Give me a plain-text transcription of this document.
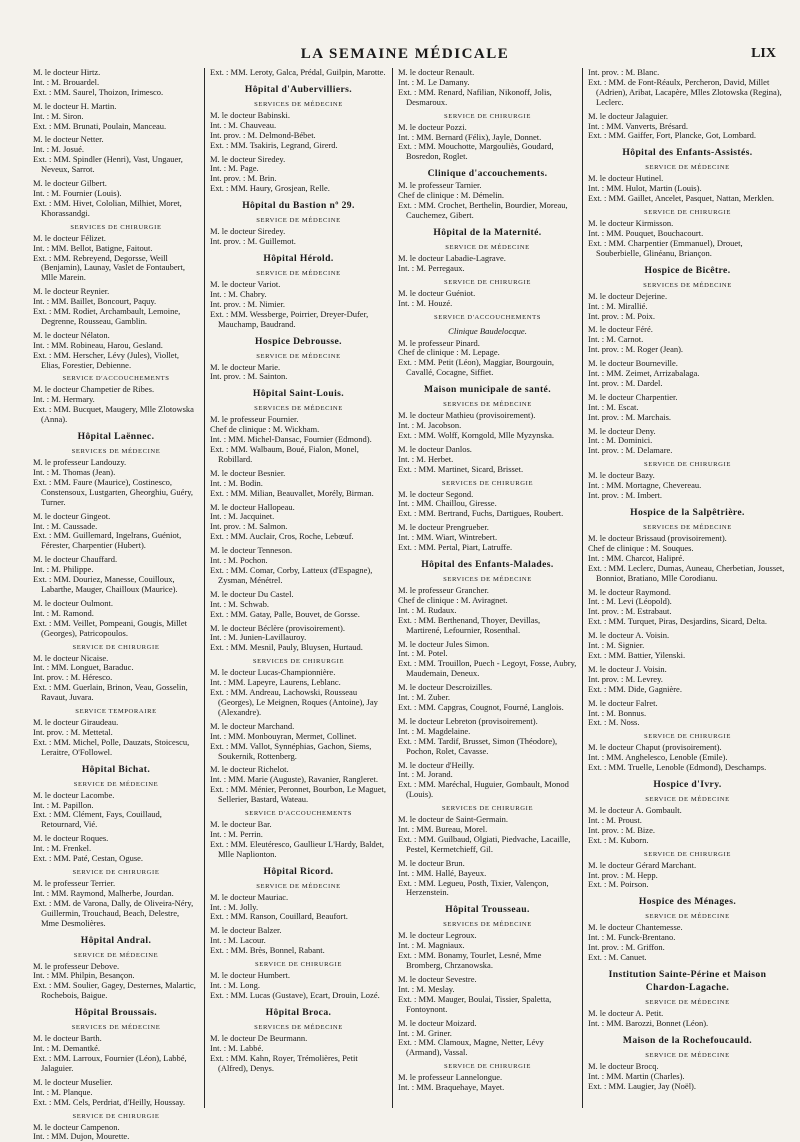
LA SEMAINE MÉDICALE	LIX
M. le docteur Hirtz.
Int. : M. Brouardel.
Ext. : MM. Saurel, Thoizon, Irimesco.
M. le docteur H. Martin.
Int. : M. Siron.
Ext. : MM. Brunati, Poulain, Manceau.
M. le docteur Netter.
Int. : M. Josué.
Ext. : MM. Spindler (Henri), Vast, Ungauer, Neveux, Sarrot.
M. le docteur Gilbert.
Int. : M. Fournier (Louis).
Ext. : MM. Hivet, Cololian, Milhiet, Moret, Khorassandgi.
SERVICES DE CHIRURGIE
M. le docteur Félizet.
Int. : MM. Bellot, Batigne, Faitout.
Ext. : MM. Rebreyend, Degorsse, Weill (Benjamin), Launay, Vaslet de Fontaubert, Mlle Marein.
M. le docteur Reynier.
Int. : MM. Baillet, Boncourt, Paquy.
Ext. : MM. Rodiet, Archambault, Lemoine, Degrenne, Rousseau, Gamblin.
M. le docteur Nélaton.
Int. : MM. Robineau, Harou, Gesland.
Ext. : MM. Herscher, Lévy (Jules), Viollet, Elias, Forestier, Debienne.
SERVICE D'ACCOUCHEMENTS
M. le docteur Champetier de Ribes.
Int. : M. Hermary.
Ext. : MM. Bucquet, Maugery, Mlle Zlotowska (Anna).
Hôpital Laënnec.
SERVICES DE MÉDECINE
M. le professeur Landouzy.
Int. : M. Thomas (Jean).
Ext. : MM. Faure (Maurice), Costinesco, Constensoux, Lustgarten, Gheorghiu, Guéry, Turner.
M. le docteur Gingeot.
Int. : M. Caussade.
Ext. : MM. Guillemard, Ingelrans, Guéniot, Férester, Charpentier (Hubert).
M. le docteur Chauffard.
Int. : M. Philippe.
Ext. : MM. Douriez, Manesse, Couilloux, Labarthe, Mauger, Chailloux (Maurice).
M. le docteur Oulmont.
Int. : M. Ramond.
Ext. : MM. Veillet, Pompeani, Gougis, Millet (Georges), Patricopoulos.
SERVICE DE CHIRURGIE
M. le docteur Nicaise.
Int. : MM. Longuet, Baraduc.
Int. prov. : M. Héresco.
Ext. : MM. Guerlain, Brinon, Veau, Gosselin, Ravaut, Juvara.
SERVICE TEMPORAIRE
M. le docteur Giraudeau.
Int. prov. : M. Mettetal.
Ext. : MM. Michel, Polle, Dauzats, Stoicescu, Leraitre, O'Followel.
Hôpital Bichat.
SERVICE DE MÉDECINE
M. le docteur Lacombe.
Int. : M. Papillon.
Ext. : MM. Clément, Fays, Couillaud, Retournard, Vié.
M. le docteur Roques.
Int. : M. Frenkel.
Ext. : MM. Paté, Cestan, Oguse.
SERVICE DE CHIRURGIE
M. le professeur Terrier.
Int. : MM. Raymond, Malherbe, Jourdan.
Ext. : MM. de Varona, Dally, de Oliveira-Néry, Guillermin, Trouchaud, Beach, Delestre, Mme Desmolières.
Hôpital Andral.
SERVICE DE MÉDECINE
M. le professeur Debove.
Int. : MM. Philpin, Besançon.
Ext. : MM. Soulier, Gagey, Desternes, Malartic, Rochebois, Baigue.
Hôpital Broussais.
SERVICES DE MÉDECINE
M. le docteur Barth.
Int. : M. Demantké.
Ext. : MM. Larroux, Fournier (Léon), Labbé, Jalaguier.
M. le docteur Muselier.
Int. : M. Planque.
Ext. : MM. Cels, Perdriat, d'Heilly, Houssay.
SERVICE DE CHIRURGIE
M. le docteur Campenon.
Int. : MM. Dujon, Mourette.
Ext. : MM. Leroty, Galca, Prédal, Guilpin, Marotte.
Hôpital d'Aubervilliers.
SERVICES DE MÉDECINE
M. le docteur Babinski.
Int. : M. Chauveau.
Int. prov. : M. Delmond-Bébet.
Ext. : MM. Tsakiris, Legrand, Girerd.
M. le docteur Siredey.
Int. : M. Page.
Int. prov. : M. Brin.
Ext. : MM. Haury, Grosjean, Relle.
Hôpital du Bastion nº 29.
SERVICE DE MÉDECINE
M. le docteur Siredey.
Int. prov. : M. Guillemot.
Hôpital Hérold.
SERVICE DE MÉDECINE
M. le docteur Variot.
Int. : M. Chabry.
Int. prov. : M. Nimier.
Ext. : MM. Wessberge, Poirrier, Dreyer-Dufer, Mauchamp, Baudrand.
Hospice Debrousse.
SERVICE DE MÉDECINE
M. le docteur Marie.
Int. prov. : M. Sainton.
Hôpital Saint-Louis.
SERVICES DE MÉDECINE
M. le professeur Fournier.
Chef de clinique : M. Wickham.
Int. : MM. Michel-Dansac, Fournier (Edmond).
Ext. : MM. Walbaum, Boué, Fialon, Monel, Robillard.
M. le docteur Besnier.
Int. : M. Bodin.
Ext. : MM. Milian, Beauvallet, Morély, Birman.
M. le docteur Hallopeau.
Int. : M. Jacquinet.
Int. prov. : M. Salmon.
Ext. : MM. Auclair, Cros, Roche, Lebœuf.
M. le docteur Tenneson.
Int. : M. Pochon.
Ext. : MM. Comar, Corby, Latteux (d'Espagne), Zysman, Ménétrel.
M. le docteur Du Castel.
Int. : M. Schwab.
Ext. : MM. Gatay, Palle, Bouvet, de Gorsse.
M. le docteur Béclère (provisoirement).
Int. : M. Junien-Lavillauroy.
Ext. : MM. Mesnil, Pauly, Bluysen, Hurtaud.
SERVICES DE CHIRURGIE
M. le docteur Lucas-Championnière.
Int. : MM. Lapeyre, Laurens, Leblanc.
Ext. : MM. Andreau, Lachowski, Rousseau (Georges), Le Meignen, Roques (Antoine), Jay (Alexandre).
M. le docteur Marchand.
Int. : MM. Monbouyran, Mermet, Collinet.
Ext. : MM. Vallot, Synnéphias, Gachon, Siems, Soukernik, Rottenberg.
M. le docteur Richelot.
Int. : MM. Marie (Auguste), Ravanier, Rangleret.
Ext. : MM. Ménier, Peronnet, Bourbon, Le Maguet, Sellerier, Bastard, Wateau.
SERVICE D'ACCOUCHEMENTS
M. le docteur Bar.
Int. : M. Perrin.
Ext. : MM. Eleutéresco, Gaullieur L'Hardy, Baldet, Mlle Naplionton.
Hôpital Ricord.
SERVICE DE MÉDECINE
M. le docteur Mauriac.
Int. : M. Jolly.
Ext. : MM. Ranson, Couillard, Beaufort.
M. le docteur Balzer.
Int. : M. Lacour.
Ext. : MM. Brès, Bonnel, Rabant.
SERVICE DE CHIRURGIE
M. le docteur Humbert.
Int. : M. Long.
Ext. : MM. Lucas (Gustave), Ecart, Drouin, Lozé.
Hôpital Broca.
SERVICES DE MÉDECINE
M. le docteur De Beurmann.
Int. : M. Labbé.
Ext. : MM. Kahn, Royer, Trémolières, Petit (Alfred), Denys.
M. le docteur Renault.
Int. : M. Le Damany.
Ext. : MM. Renard, Nafilian, Nikonoff, Jolis, Desmaroux.
SERVICE DE CHIRURGIE
M. le docteur Pozzi.
Int. : MM. Bernard (Félix), Jayle, Donnet.
Ext. : MM. Mouchotte, Margouliès, Goudard, Bosredon, Roglet.
Clinique d'accouchements.
M. le professeur Tarnier.
Chef de clinique : M. Démelin.
Ext. : MM. Crochet, Berthelin, Bourdier, Moreau, Cauchemez, Gibert.
Hôpital de la Maternité.
SERVICE DE MÉDECINE
M. le docteur Labadie-Lagrave.
Int. : M. Perregaux.
SERVICE DE CHIRURGIE
M. le docteur Guéniot.
Int. : M. Houzé.
SERVICE D'ACCOUCHEMENTS
Clinique Baudelocque.
M. le professeur Pinard.
Chef de clinique : M. Lepage.
Ext. : MM. Petit (Léon), Maggiar, Bourgouin, Cavallé, Cocagne, Siffiet.
Maison municipale de santé.
SERVICES DE MÉDECINE
M. le docteur Mathieu (provisoirement).
Int. : M. Jacobson.
Ext. : MM. Wolff, Korngold, Mlle Myzynska.
M. le docteur Danlos.
Int. : M. Herbet.
Ext. : MM. Martinet, Sicard, Brisset.
SERVICES DE CHIRURGIE
M. le docteur Segond.
Int. : MM. Chaillou, Giresse.
Ext. : MM. Bertrand, Fuchs, Dartigues, Roubert.
M. le docteur Prengrueber.
Int. : MM. Wiart, Wintrebert.
Ext. : MM. Pertal, Piart, Latruffe.
Hôpital des Enfants-Malades.
SERVICES DE MÉDECINE
M. le professeur Grancher.
Chef de clinique : M. Aviragnet.
Int. : M. Rudaux.
Ext. : MM. Berthenand, Thoyer, Devillas, Martirené, Lefournier, Rosenthal.
M. le docteur Jules Simon.
Int. : M. Potel.
Ext. : MM. Trouillon, Puech - Legoyt, Fosse, Aubry, Maudemain, Deneux.
M. le docteur Descroizilles.
Int. : M. Zuber.
Ext. : MM. Capgras, Cougnot, Fourné, Langlois.
M. le docteur Lebreton (provisoirement).
Int. : M. Magdelaine.
Ext. : MM. Tardif, Brusset, Simon (Théodore), Pochon, Rolet, Cavasse.
M. le docteur d'Heilly.
Int. : M. Jorand.
Ext. : MM. Maréchal, Huguier, Gombault, Monod (Louis).
SERVICES DE CHIRURGIE
M. le docteur de Saint-Germain.
Int. : MM. Bureau, Morel.
Ext. : MM. Guilbaud, Olgiati, Piedvache, Lacaille, Pestel, Kermetchieff, Gil.
M. le docteur Brun.
Int. : MM. Hallé, Bayeux.
Ext. : MM. Legueu, Posth, Tixier, Valençon, Herzenstein.
Hôpital Trousseau.
SERVICES DE MÉDECINE
M. le docteur Legroux.
Int. : M. Magniaux.
Ext. : MM. Bonamy, Tourlet, Lesné, Mme Bromberg, Chrzanowska.
M. le docteur Sevestre.
Int. : M. Meslay.
Ext. : MM. Mauger, Boulai, Tissier, Spaletta, Fontoynont.
M. le docteur Moizard.
Int. : M. Griner.
Ext. : MM. Clamoux, Magne, Netter, Lévy (Armand), Vassal.
SERVICE DE CHIRURGIE
M. le professeur Lannelongue.
Int. : MM. Braquehaye, Mayet.
Int. prov. : M. Blanc.
Ext. : MM. de Font-Réaulx, Percheron, David, Millet (Adrien), Aribat, Lacapère, Mlles Zlotowska (Regina), Leclerc.
M. le docteur Jalaguier.
Int. : MM. Vanverts, Brésard.
Ext. : MM. Gaiffer, Fort, Plancke, Got, Lombard.
Hôpital des Enfants-Assistés.
SERVICE DE MÉDECINE
M. le docteur Hutinel.
Int. : MM. Hulot, Martin (Louis).
Ext. : MM. Gaillet, Ancelet, Pasquet, Nattan, Merklen.
SERVICE DE CHIRURGIE
M. le docteur Kirmisson.
Int. : MM. Pouquet, Bouchacourt.
Ext. : MM. Charpentier (Emmanuel), Drouet, Souberbielle, Glinéanu, Briançon.
Hospice de Bicêtre.
SERVICES DE MÉDECINE
M. le docteur Dejerine.
Int. : M. Mirallié.
Int. prov. : M. Poix.
M. le docteur Féré.
Int. : M. Carnot.
Int. prov. : M. Roger (Jean).
M. le docteur Bourneville.
Int. : MM. Zeimet, Arrizabalaga.
Int. prov. : M. Dardel.
M. le docteur Charpentier.
Int. : M. Escat.
Int. prov. : M. Marchais.
M. le docteur Deny.
Int. : M. Dominici.
Int. prov. : M. Delamare.
SERVICE DE CHIRURGIE
M. le docteur Bazy.
Int. : MM. Mortagne, Chevereau.
Int. prov. : M. Imbert.
Hospice de la Salpêtrière.
SERVICES DE MÉDECINE
M. le docteur Brissaud (provisoirement).
Chef de clinique : M. Souques.
Int. : MM. Charcot, Halipré.
Ext. : MM. Leclerc, Dumas, Auneau, Cherbetian, Jousset, Bonniot, Bratiano, Mlle Corodianu.
M. le docteur Raymond.
Int. : M. Levi (Léopold).
Int. prov. : M. Estrabaut.
Ext. : MM. Turquet, Piras, Desjardins, Sicard, Delta.
M. le docteur A. Voisin.
Int. : M. Signier.
Ext. : MM. Battier, Yilenski.
M. le docteur J. Voisin.
Int. prov. : M. Levrey.
Ext. : MM. Dide, Gagnière.
M. le docteur Falret.
Int. : M. Bonnus.
Ext. : M. Noss.
SERVICE DE CHIRURGIE
M. le docteur Chaput (provisoirement).
Int. : MM. Anghelesco, Lenoble (Emile).
Ext. : MM. Truelle, Lenoble (Edmond), Deschamps.
Hospice d'Ivry.
SERVICE DE MÉDECINE
M. le docteur A. Gombault.
Int. : M. Proust.
Int. prov. : M. Bize.
Ext. : M. Kuborn.
SERVICE DE CHIRURGIE
M. le docteur Gérard Marchant.
Int. prov. : M. Hepp.
Ext. : M. Poirson.
Hospice des Ménages.
SERVICE DE MÉDECINE
M. le docteur Chantemesse.
Int. : M. Funck-Brentano.
Int. prov. : M. Griffon.
Ext. : M. Canuet.
Institution Sainte-Périne et Maison Chardon-Lagache.
SERVICE DE MÉDECINE
M. le docteur A. Petit.
Int. : MM. Barozzi, Bonnet (Léon).
Maison de la Rochefoucauld.
SERVICE DE MÉDECINE
M. le docteur Brocq.
Int. : MM. Martin (Charles).
Ext. : MM. Laugier, Jay (Noël).
